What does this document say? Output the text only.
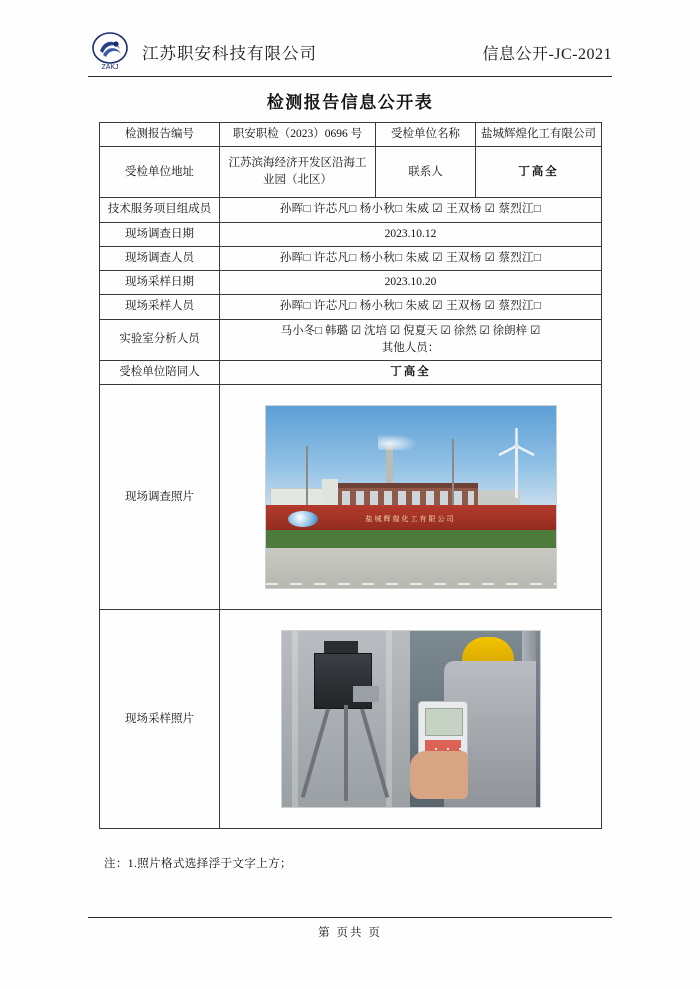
ZAKJ
江苏职安科技有限公司	信息公开-JC-2021
检测报告信息公开表
检测报告编号	职安职检（2023）0696 号	受检单位名称	盐城辉煌化工有限公司
受检单位地址	江苏滨海经济开发区沿海工业园（北区）	联系人	丁高全
技术服务项目组成员	孙晖□ 许芯凡□ 杨小秋□ 朱威 ☑ 王双杨 ☑ 蔡烈江□		
现场调查日期	2023.10.12		
现场调查人员	孙晖□ 许芯凡□ 杨小秋□ 朱威 ☑ 王双杨 ☑ 蔡烈江□		
现场采样日期	2023.10.20		
现场采样人员	孙晖□ 许芯凡□ 杨小秋□ 朱威 ☑ 王双杨 ☑ 蔡烈江□		
实验室分析人员	马小冬□ 韩璐 ☑ 沈培 ☑ 倪夏天 ☑ 徐然 ☑ 徐朗梓 ☑
其他人员：		

受检单位陪同人	丁高全		
现场调查照片	盐城辉煌化工有限公司		

现场采样照片			
注：1.照片格式选择浮于文字上方；
第 页共 页
